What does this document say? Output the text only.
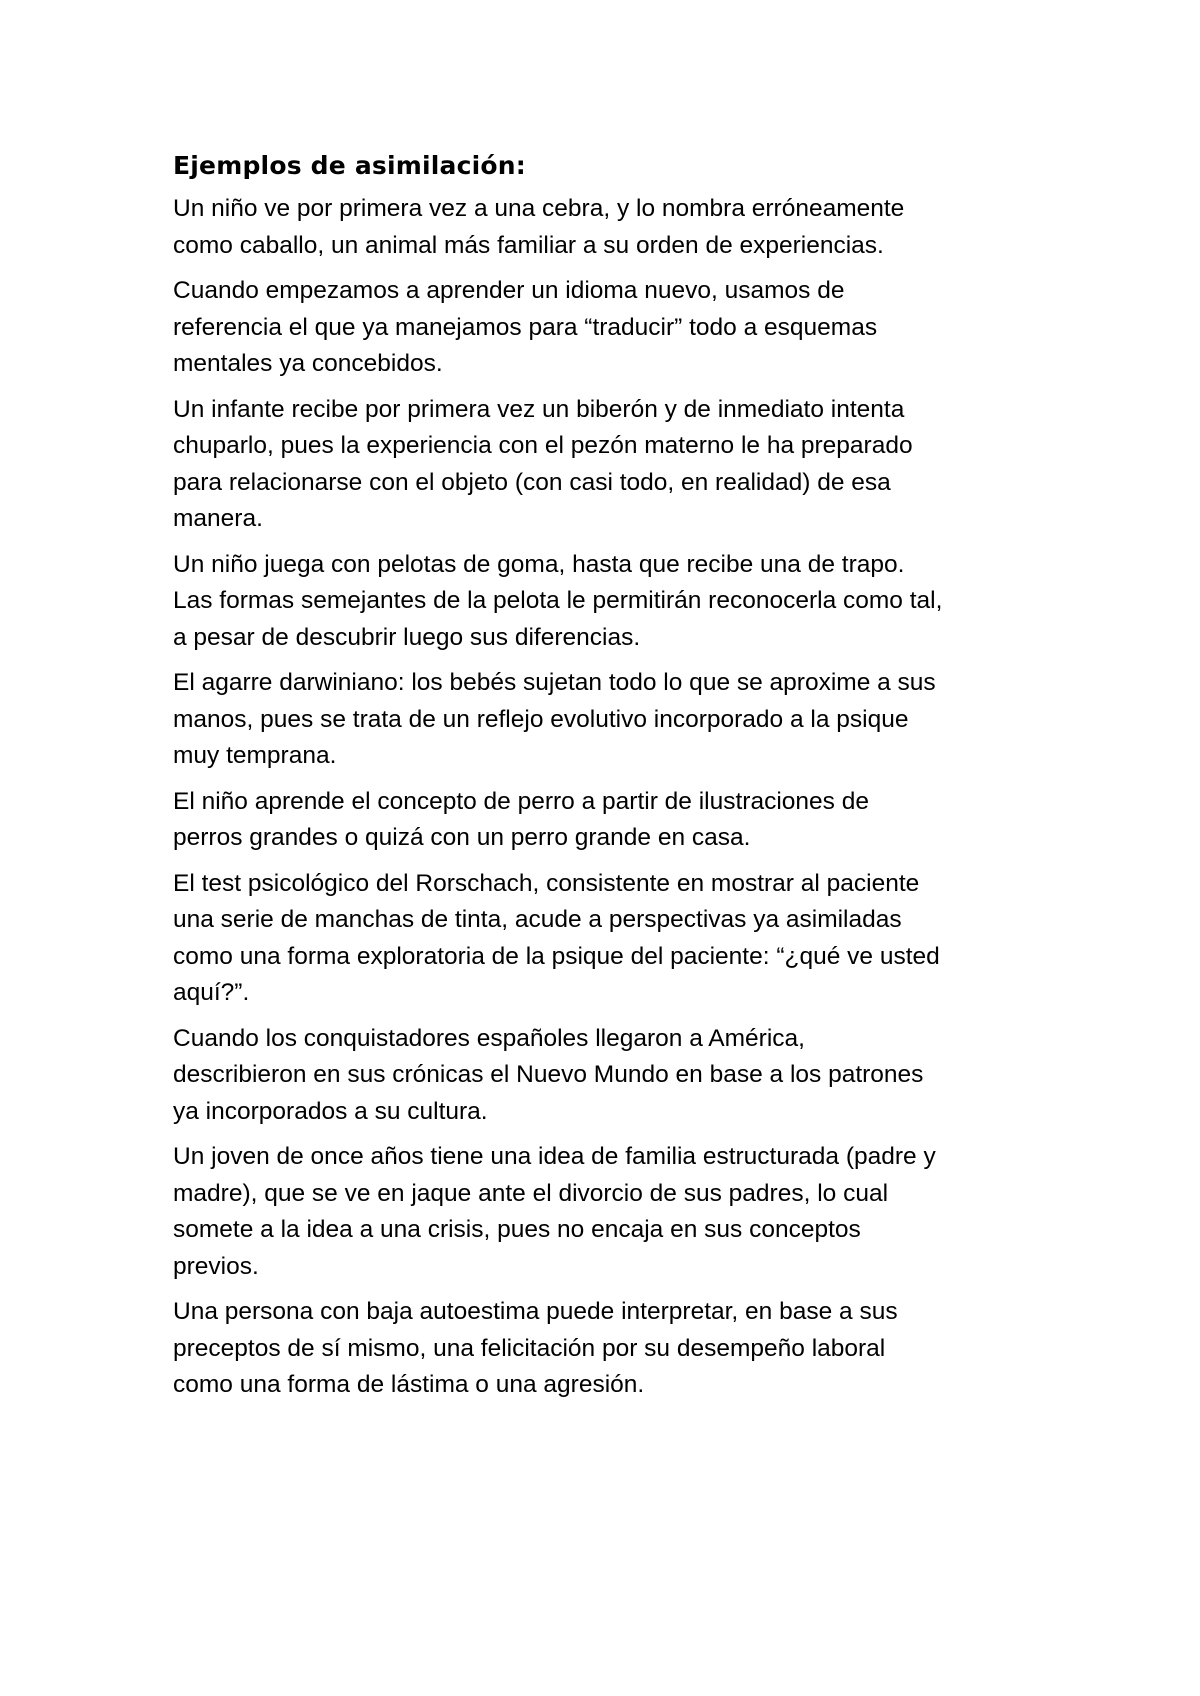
Ejemplos de asimilación:
Un niño ve por primera vez a una cebra, y lo nombra erróneamente
como caballo, un animal más familiar a su orden de experiencias.
Cuando empezamos a aprender un idioma nuevo, usamos de
referencia el que ya manejamos para “traducir” todo a esquemas
mentales ya concebidos.
Un infante recibe por primera vez un biberón y de inmediato intenta
chuparlo, pues la experiencia con el pezón materno le ha preparado
para relacionarse con el objeto (con casi todo, en realidad) de esa
manera.
Un niño juega con pelotas de goma, hasta que recibe una de trapo.
Las formas semejantes de la pelota le permitirán reconocerla como tal,
a pesar de descubrir luego sus diferencias.
El agarre darwiniano: los bebés sujetan todo lo que se aproxime a sus
manos, pues se trata de un reflejo evolutivo incorporado a la psique
muy temprana.
El niño aprende el concepto de perro a partir de ilustraciones de
perros grandes o quizá con un perro grande en casa.
El test psicológico del Rorschach, consistente en mostrar al paciente
una serie de manchas de tinta, acude a perspectivas ya asimiladas
como una forma exploratoria de la psique del paciente: “¿qué ve usted
aquí?”.
Cuando los conquistadores españoles llegaron a América,
describieron en sus crónicas el Nuevo Mundo en base a los patrones
ya incorporados a su cultura.
Un joven de once años tiene una idea de familia estructurada (padre y
madre), que se ve en jaque ante el divorcio de sus padres, lo cual
somete a la idea a una crisis, pues no encaja en sus conceptos
previos.
Una persona con baja autoestima puede interpretar, en base a sus
preceptos de sí mismo, una felicitación por su desempeño laboral
como una forma de lástima o una agresión.
